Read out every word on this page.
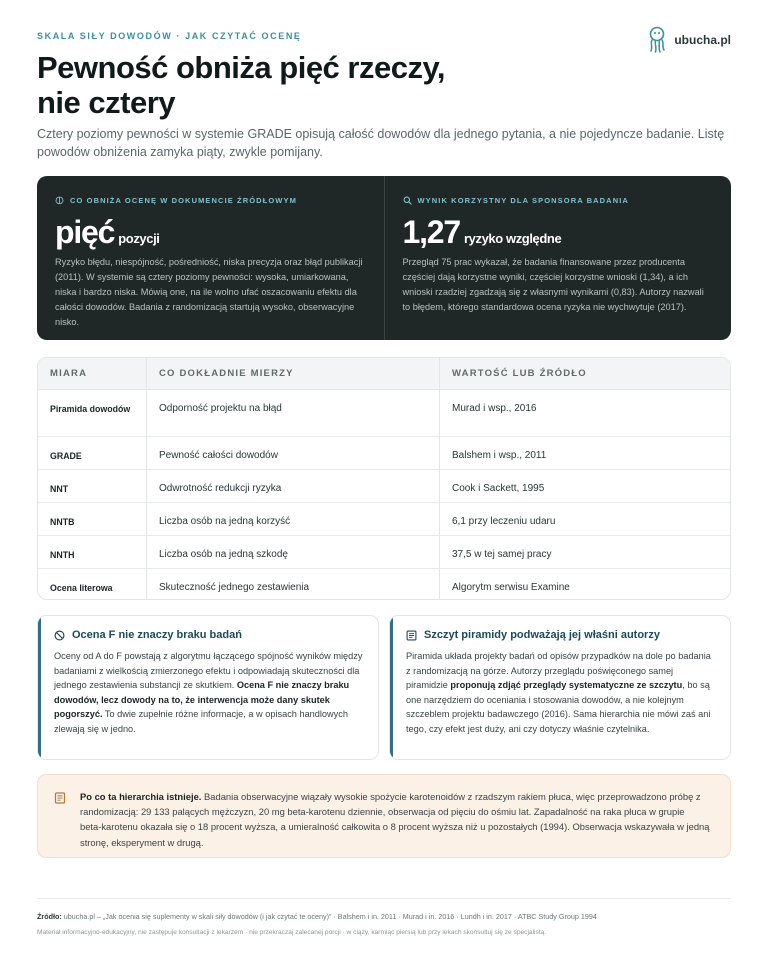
SKALA SIŁY DOWODÓW · JAK CZYTAĆ OCENĘ	ubucha.pl
Pewność obniża pięć rzeczy, nie cztery

Cztery poziomy pewności w systemie GRADE opisują całość dowodów dla jednego pytania, a nie pojedyncze badanie. Listę powodów obniżenia zamyka piąty, zwykle pomijany.

CO OBNIŻA OCENĘ W DOKUMENCIE ŹRÓDŁOWYM
pięć pozycji

Ryzyko błędu, niespójność, pośredniość, niska precyzja oraz błąd publikacji (2011). W systemie są cztery poziomy pewności: wysoka, umiarkowana, niska i bardzo niska. Mówią one, na ile wolno ufać oszacowaniu efektu dla całości dowodów. Badania z randomizacją startują wysoko, obserwacyjne nisko.

WYNIK KORZYSTNY DLA SPONSORA BADANIA
1,27 ryzyko względne

Przegląd 75 prac wykazał, że badania finansowane przez producenta częściej dają korzystne wyniki, częściej korzystne wnioski (1,34), a ich wnioski rzadziej zgadzają się z własnymi wynikami (0,83). Autorzy nazwali to błędem, którego standardowa ocena ryzyka nie wychwytuje (2017).

MIARA	CO DOKŁADNIE MIERZY	WARTOŚĆ LUB ŹRÓDŁO
Piramida dowodów	Odporność projektu na błąd	Murad i wsp., 2016
GRADE	Pewność całości dowodów	Balshem i wsp., 2011
NNT	Odwrotność redukcji ryzyka	Cook i Sackett, 1995
NNTB	Liczba osób na jedną korzyść	6,1 przy leczeniu udaru
NNTH	Liczba osób na jedną szkodę	37,5 w tej samej pracy
Ocena literowa	Skuteczność jednego zestawienia	Algorytm serwisu Examine
Ocena F nie znaczy braku badań

Oceny od A do F powstają z algorytmu łączącego spójność wyników między badaniami z wielkością zmierzonego efektu i odpowiadają skuteczności dla jednego zestawienia substancji ze skutkiem. Ocena F nie znaczy braku dowodów, lecz dowody na to, że interwencja może dany skutek pogorszyć. To dwie zupełnie różne informacje, a w opisach handlowych zlewają się w jedno.

Szczyt piramidy podważają jej właśni autorzy

Piramida układa projekty badań od opisów przypadków na dole po badania z randomizacją na górze. Autorzy przeglądu poświęconego samej piramidzie proponują zdjąć przeglądy systematyczne ze szczytu, bo są one narzędziem do oceniania i stosowania dowodów, a nie kolejnym szczeblem projektu badawczego (2016). Sama hierarchia nie mówi zaś ani tego, czy efekt jest duży, ani czy dotyczy właśnie czytelnika.

Po co ta hierarchia istnieje. Badania obserwacyjne wiązały wysokie spożycie karotenoidów z rzadszym rakiem płuca, więc przeprowadzono próbę z randomizacją: 29 133 palących mężczyzn, 20 mg beta‑karotenu dziennie, obserwacja od pięciu do ośmiu lat. Zapadalność na raka płuca w grupie beta‑karotenu okazała się o 18 procent wyższa, a umieralność całkowita o 8 procent wyższa niż u pozostałych (1994). Obserwacja wskazywała w jedną stronę, eksperyment w drugą.

Źródło: ubucha.pl – „Jak ocenia się suplementy w skali siły dowodów (i jak czytać te oceny)” · Balshem i in. 2011 · Murad i in. 2016 · Lundh i in. 2017 · ATBC Study Group 1994

Materiał informacyjno‑edukacyjny, nie zastępuje konsultacji z lekarzem · nie przekraczaj zalecanej porcji · w ciąży, karmiąc piersią lub przy lekach skonsultuj się ze specjalistą.
